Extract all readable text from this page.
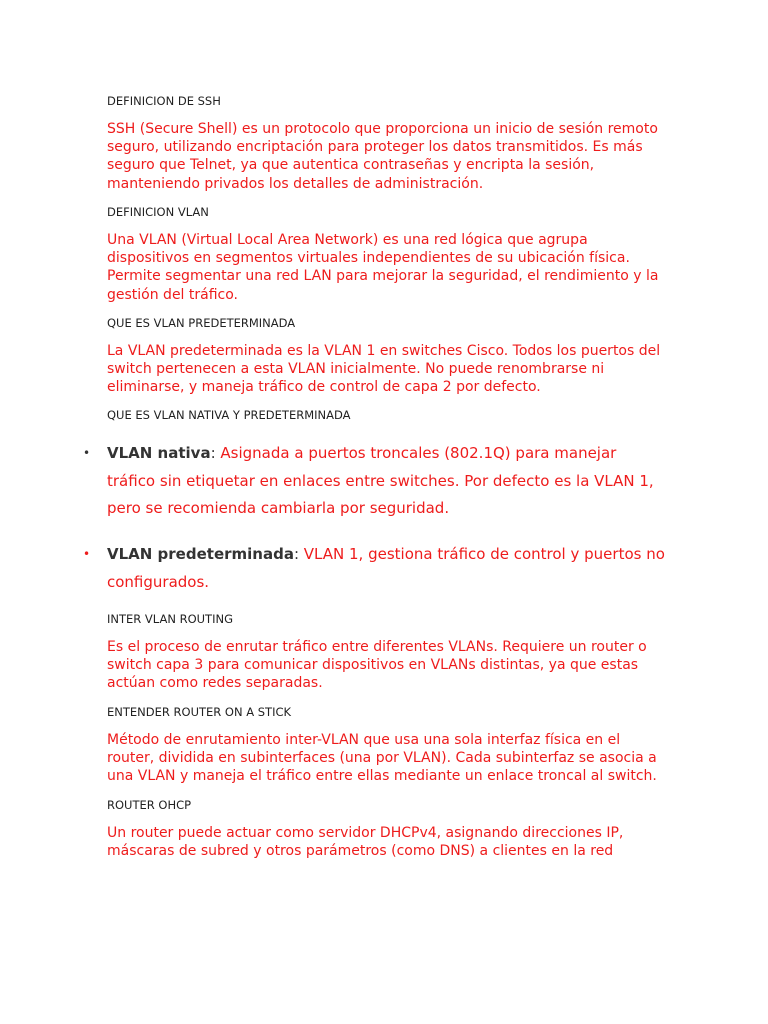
DEFINICION DE SSH
SSH (Secure Shell) es un protocolo que proporciona un inicio de sesión remoto seguro, utilizando encriptación para proteger los datos transmitidos. Es más seguro que Telnet, ya que autentica contraseñas y encripta la sesión, manteniendo privados los detalles de administración.
DEFINICION VLAN
Una VLAN (Virtual Local Area Network) es una red lógica que agrupa dispositivos en segmentos virtuales independientes de su ubicación física. Permite segmentar una red LAN para mejorar la seguridad, el rendimiento y la gestión del tráfico.
QUE ES VLAN PREDETERMINADA
La VLAN predeterminada es la VLAN 1 en switches Cisco. Todos los puertos del switch pertenecen a esta VLAN inicialmente. No puede renombrarse ni eliminarse, y maneja tráfico de control de capa 2 por defecto.
QUE ES VLAN NATIVA Y PREDETERMINADA
•	VLAN nativa: Asignada a puertos troncales (802.1Q) para manejar tráfico sin etiquetar en enlaces entre switches. Por defecto es la VLAN 1, pero se recomienda cambiarla por seguridad.
•	VLAN predeterminada: VLAN 1, gestiona tráfico de control y puertos no configurados.
INTER VLAN ROUTING
Es el proceso de enrutar tráfico entre diferentes VLANs. Requiere un router o switch capa 3 para comunicar dispositivos en VLANs distintas, ya que estas actúan como redes separadas.
ENTENDER ROUTER ON A STICK
Método de enrutamiento inter-VLAN que usa una sola interfaz física en el router, dividida en subinterfaces (una por VLAN). Cada subinterfaz se asocia a una VLAN y maneja el tráfico entre ellas mediante un enlace troncal al switch.
ROUTER OHCP
Un router puede actuar como servidor DHCPv4, asignando direcciones IP, máscaras de subred y otros parámetros (como DNS) a clientes en la red
